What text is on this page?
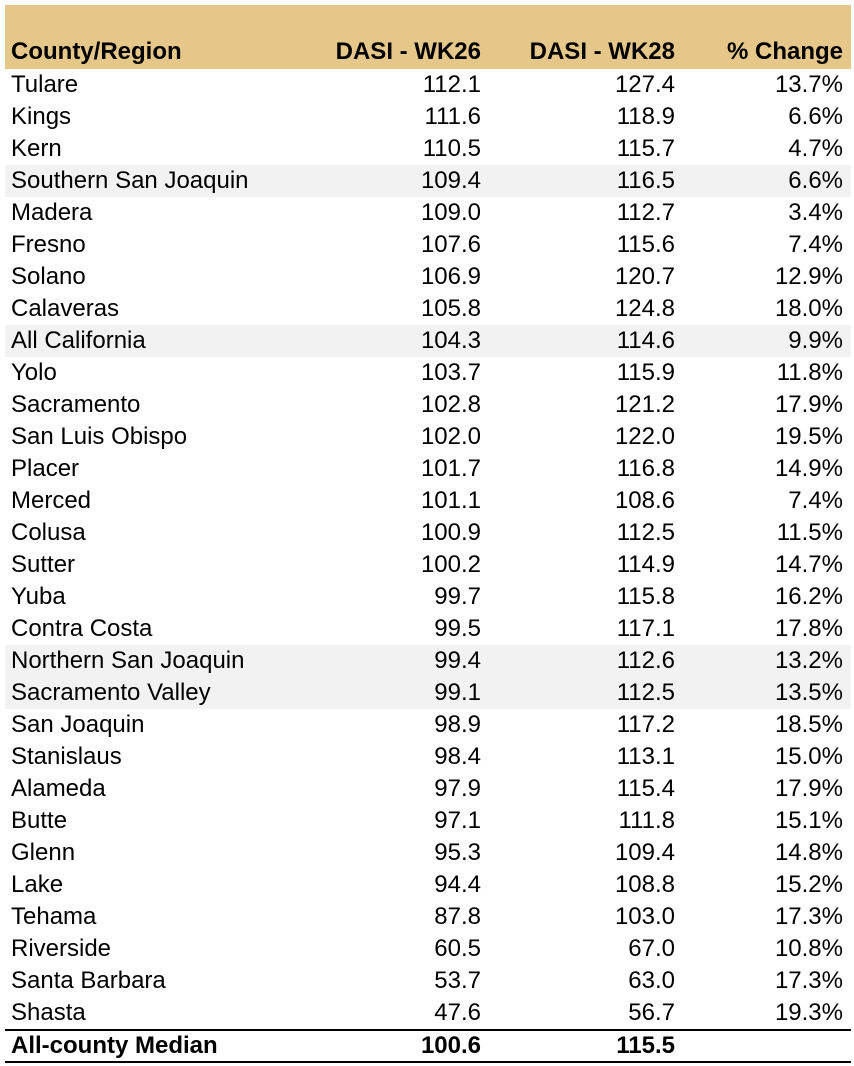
County/Region	DASI - WK26	DASI - WK28	% Change
Tulare	112.1	127.4	13.7%
Kings	111.6	118.9	6.6%
Kern	110.5	115.7	4.7%
Southern San Joaquin	109.4	116.5	6.6%
Madera	109.0	112.7	3.4%
Fresno	107.6	115.6	7.4%
Solano	106.9	120.7	12.9%
Calaveras	105.8	124.8	18.0%
All California	104.3	114.6	9.9%
Yolo	103.7	115.9	11.8%
Sacramento	102.8	121.2	17.9%
San Luis Obispo	102.0	122.0	19.5%
Placer	101.7	116.8	14.9%
Merced	101.1	108.6	7.4%
Colusa	100.9	112.5	11.5%
Sutter	100.2	114.9	14.7%
Yuba	99.7	115.8	16.2%
Contra Costa	99.5	117.1	17.8%
Northern San Joaquin	99.4	112.6	13.2%
Sacramento Valley	99.1	112.5	13.5%
San Joaquin	98.9	117.2	18.5%
Stanislaus	98.4	113.1	15.0%
Alameda	97.9	115.4	17.9%
Butte	97.1	111.8	15.1%
Glenn	95.3	109.4	14.8%
Lake	94.4	108.8	15.2%
Tehama	87.8	103.0	17.3%
Riverside	60.5	67.0	10.8%
Santa Barbara	53.7	63.0	17.3%
Shasta	47.6	56.7	19.3%
All-county Median	100.6	115.5	
